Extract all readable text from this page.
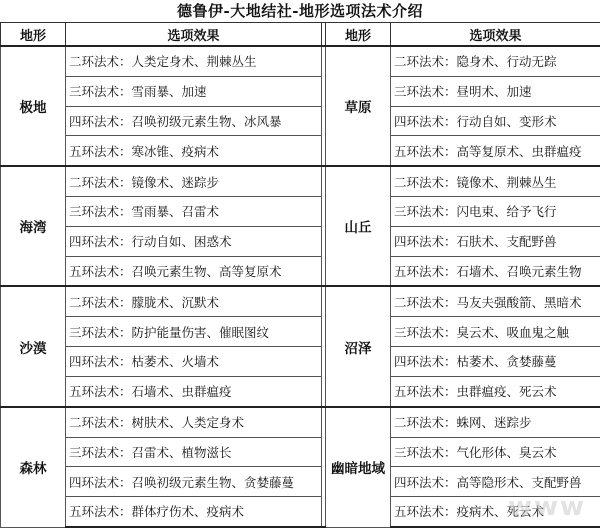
德鲁伊-大地结社-地形选项法术介绍
地形	选项效果		地形	选项效果
极地	二环法术：人类定身术、荆棘丛生		草原	二环法术：隐身术、行动无踪
	三环法术：雪雨暴、加速			三环法术：昼明术、加速
	四环法术：召唤初级元素生物、冰风暴			四环法术：行动自如、变形术
	五环法术：寒冰锥、疫病术			五环法术：高等复原术、虫群瘟疫
海湾	二环法术：镜像术、迷踪步		山丘	二环法术：镜像术、荆棘丛生
	三环法术：雪雨暴、召雷术			三环法术：闪电束、给予飞行
	四环法术：行动自如、困惑术			四环法术：石肤术、支配野兽
	五环法术：召唤元素生物、高等复原术			五环法术：石墙术、召唤元素生物
沙漠	二环法术：朦胧术、沉默术		沼泽	二环法术：马友夫强酸箭、黑暗术
	三环法术：防护能量伤害、催眠图纹			三环法术：臭云术、吸血鬼之触
	四环法术：枯萎术、火墙术			四环法术：枯萎术、贪婪藤蔓
	五环法术：石墙术、虫群瘟疫			五环法术：虫群瘟疫、死云术
森林	二环法术：树肤术、人类定身术		幽暗地域	二环法术：蛛网、迷踪步
	三环法术：召雷术、植物滋长			三环法术：气化形体、臭云术
	四环法术：召唤初级元素生物、贪婪藤蔓			四环法术：高等隐形术、支配野兽
	五环法术：群体疗伤术、疫病术			五环法术：疫病术、死云术
www
